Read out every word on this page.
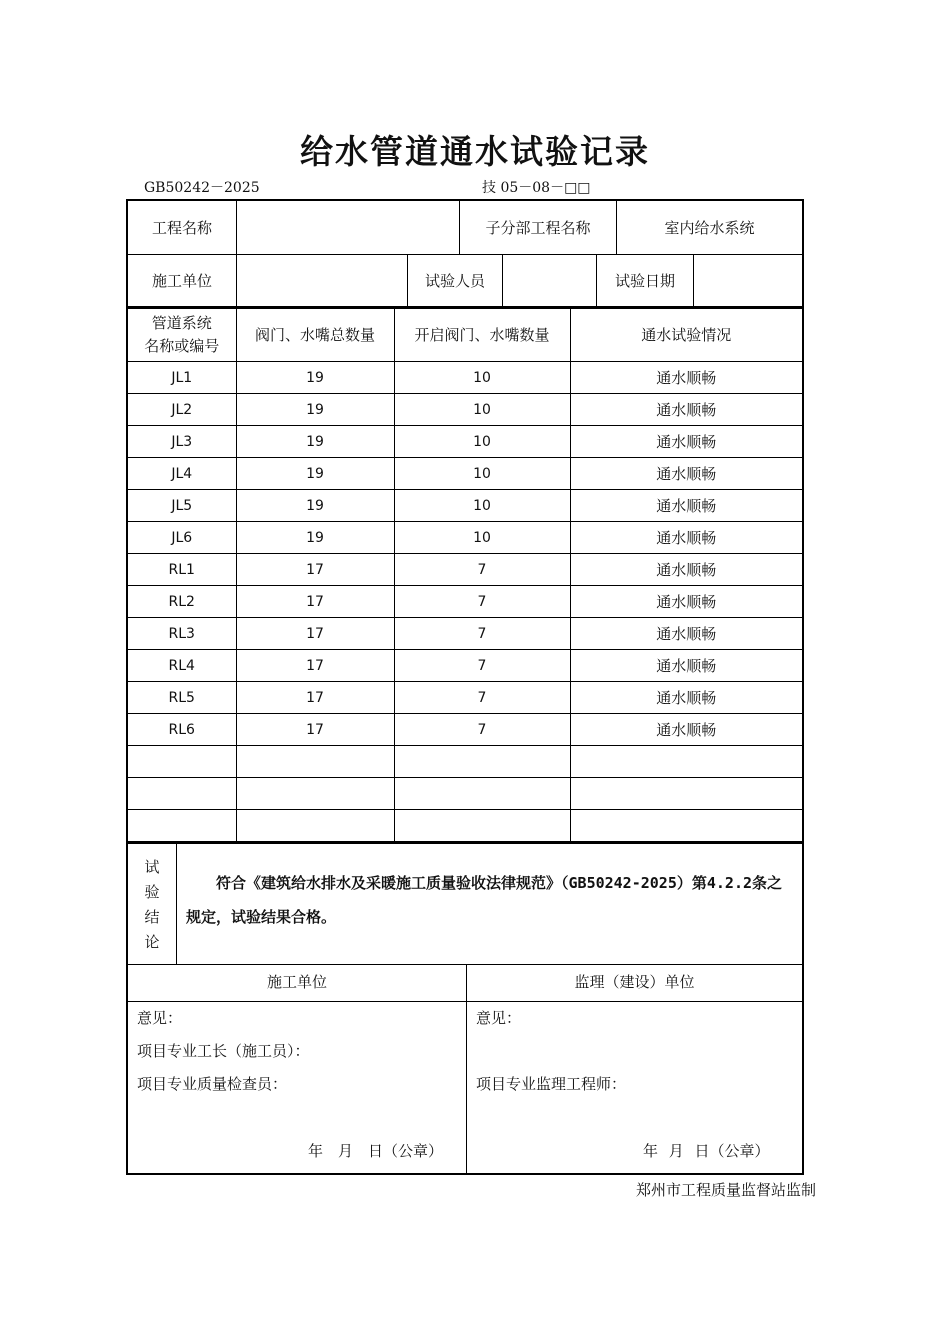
给水管道通水试验记录
GB50242－2025	技 05－08－□□
工程名称	子分部工程名称	室内给水系统
施工单位	试验人员	试验日期
管道系统
名称或编号	阀门、水嘴总数量	开启阀门、水嘴数量	通水试验情况
JL1	19	10	通水顺畅
JL2	19	10	通水顺畅
JL3	19	10	通水顺畅
JL4	19	10	通水顺畅
JL5	19	10	通水顺畅
JL6	19	10	通水顺畅
RL1	17	7	通水顺畅
RL2	17	7	通水顺畅
RL3	17	7	通水顺畅
RL4	17	7	通水顺畅
RL5	17	7	通水顺畅
RL6	17	7	通水顺畅

试
验
结
论
符合《建筑给水排水及采暖施工质量验收法律规范》（GB50242-2025）第4.2.2条之规定，试验结果合格。
施工单位
意见：
项目专业工长（施工员）：
项目专业质量检查员：
年　月　日（公章）
监理（建设）单位
意见：
项目专业监理工程师：
年 月 日（公章）
郑州市工程质量监督站监制
